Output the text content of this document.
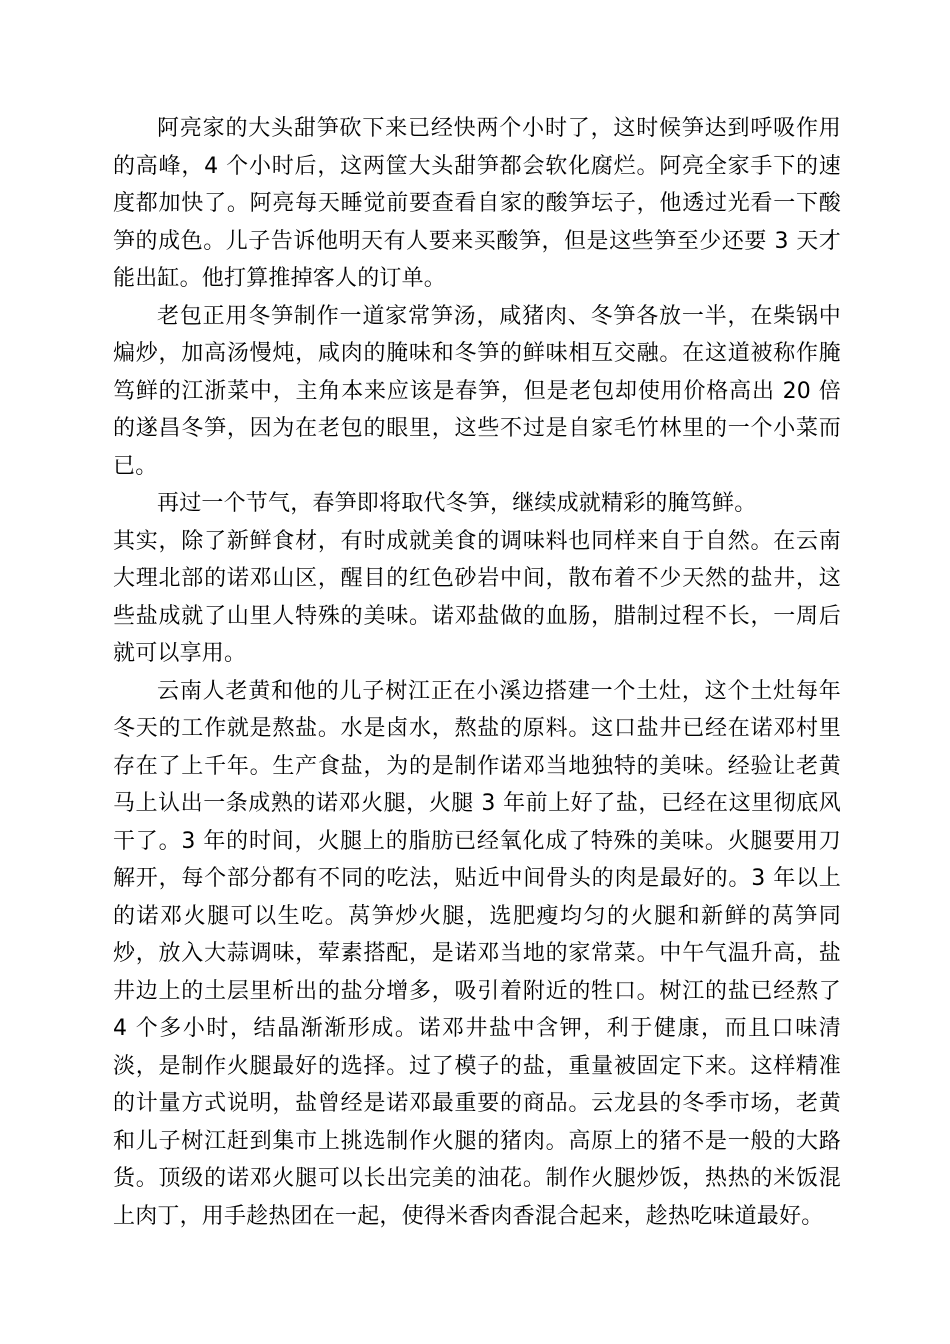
阿亮家的大头甜笋砍下来已经快两个小时了，这时候笋达到呼吸作用的高峰，4 个小时后，这两筐大头甜笋都会软化腐烂。阿亮全家手下的速度都加快了。阿亮每天睡觉前要查看自家的酸笋坛子，他透过光看一下酸笋的成色。儿子告诉他明天有人要来买酸笋，但是这些笋至少还要 3 天才能出缸。他打算推掉客人的订单。

老包正用冬笋制作一道家常笋汤，咸猪肉、冬笋各放一半，在柴锅中煸炒，加高汤慢炖，咸肉的腌味和冬笋的鲜味相互交融。在这道被称作腌笃鲜的江浙菜中，主角本来应该是春笋，但是老包却使用价格高出 20 倍的遂昌冬笋，因为在老包的眼里，这些不过是自家毛竹林里的一个小菜而已。

再过一个节气，春笋即将取代冬笋，继续成就精彩的腌笃鲜。

其实，除了新鲜食材，有时成就美食的调味料也同样来自于自然。在云南大理北部的诺邓山区，醒目的红色砂岩中间，散布着不少天然的盐井，这些盐成就了山里人特殊的美味。诺邓盐做的血肠，腊制过程不长，一周后就可以享用。

云南人老黄和他的儿子树江正在小溪边搭建一个土灶，这个土灶每年冬天的工作就是熬盐。水是卤水，熬盐的原料。这口盐井已经在诺邓村里存在了上千年。生产食盐，为的是制作诺邓当地独特的美味。经验让老黄马上认出一条成熟的诺邓火腿，火腿 3 年前上好了盐，已经在这里彻底风干了。3 年的时间，火腿上的脂肪已经氧化成了特殊的美味。火腿要用刀解开，每个部分都有不同的吃法，贴近中间骨头的肉是最好的。3 年以上的诺邓火腿可以生吃。莴笋炒火腿，选肥瘦均匀的火腿和新鲜的莴笋同炒，放入大蒜调味，荤素搭配，是诺邓当地的家常菜。中午气温升高，盐井边上的土层里析出的盐分增多，吸引着附近的牲口。树江的盐已经熬了 4 个多小时，结晶渐渐形成。诺邓井盐中含钾，利于健康，而且口味清淡，是制作火腿最好的选择。过了模子的盐，重量被固定下来。这样精准的计量方式说明，盐曾经是诺邓最重要的商品。云龙县的冬季市场，老黄和儿子树江赶到集市上挑选制作火腿的猪肉。高原上的猪不是一般的大路货。顶级的诺邓火腿可以长出完美的油花。制作火腿炒饭，热热的米饭混上肉丁，用手趁热团在一起，使得米香肉香混合起来，趁热吃味道最好。
